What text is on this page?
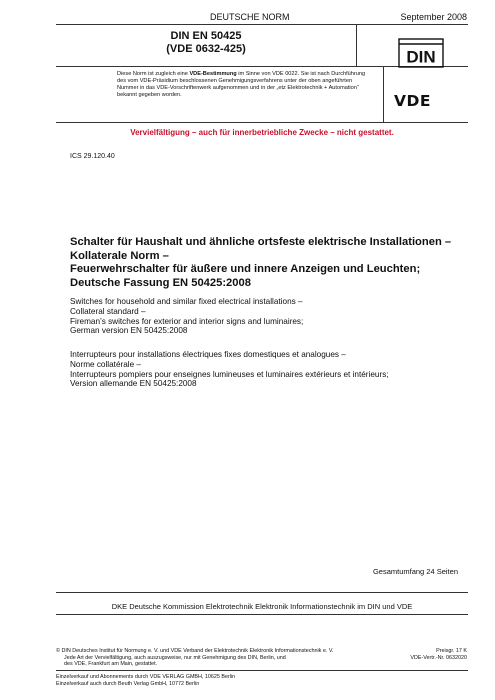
DEUTSCHE NORM	September 2008
DIN EN 50425
(VDE 0632-425)	DIN
Diese Norm ist zugleich eine VDE-Bestimmung im Sinne von VDE 0022. Sie ist nach Durchführung des vom VDE-Präsidium beschlossenen Genehmigungsverfahrens unter der oben angeführten Nummer in das VDE-Vorschriftenwerk aufgenommen und in der „etz Elektrotechnik + Automation“ bekannt gegeben worden.	VDE
Vervielfältigung – auch für innerbetriebliche Zwecke – nicht gestattet.
ICS 29.120.40
Schalter für Haushalt und ähnliche ortsfeste elektrische Installationen –
Kollaterale Norm –
Feuerwehrschalter für äußere und innere Anzeigen und Leuchten;
Deutsche Fassung EN 50425:2008
Switches for household and similar fixed electrical installations –
Collateral standard –
Fireman’s switches for exterior and interior signs and luminaires;
German version EN 50425:2008
Interrupteurs pour installations électriques fixes domestiques et analogues –
Norme collatérale –
Interrupteurs pompiers pour enseignes lumineuses et luminaires extérieurs et intérieurs;
Version allemande EN 50425:2008
Gesamtumfang 24 Seiten
DKE Deutsche Kommission Elektrotechnik Elektronik Informationstechnik im DIN und VDE
© DIN Deutsches Institut für Normung e. V. und VDE Verband der Elektrotechnik Elektronik Informationstechnik e. V.
Jede Art der Vervielfältigung, auch auszugsweise, nur mit Genehmigung des DIN, Berlin, und
des VDE, Frankfurt am Main, gestattet.
Preisgr. 17 K
VDE-Vertr.-Nr. 0632020
Einzelverkauf und Abonnements durch VDE VERLAG GMBH, 10625 Berlin
Einzelverkauf auch durch Beuth Verlag GmbH, 10772 Berlin
